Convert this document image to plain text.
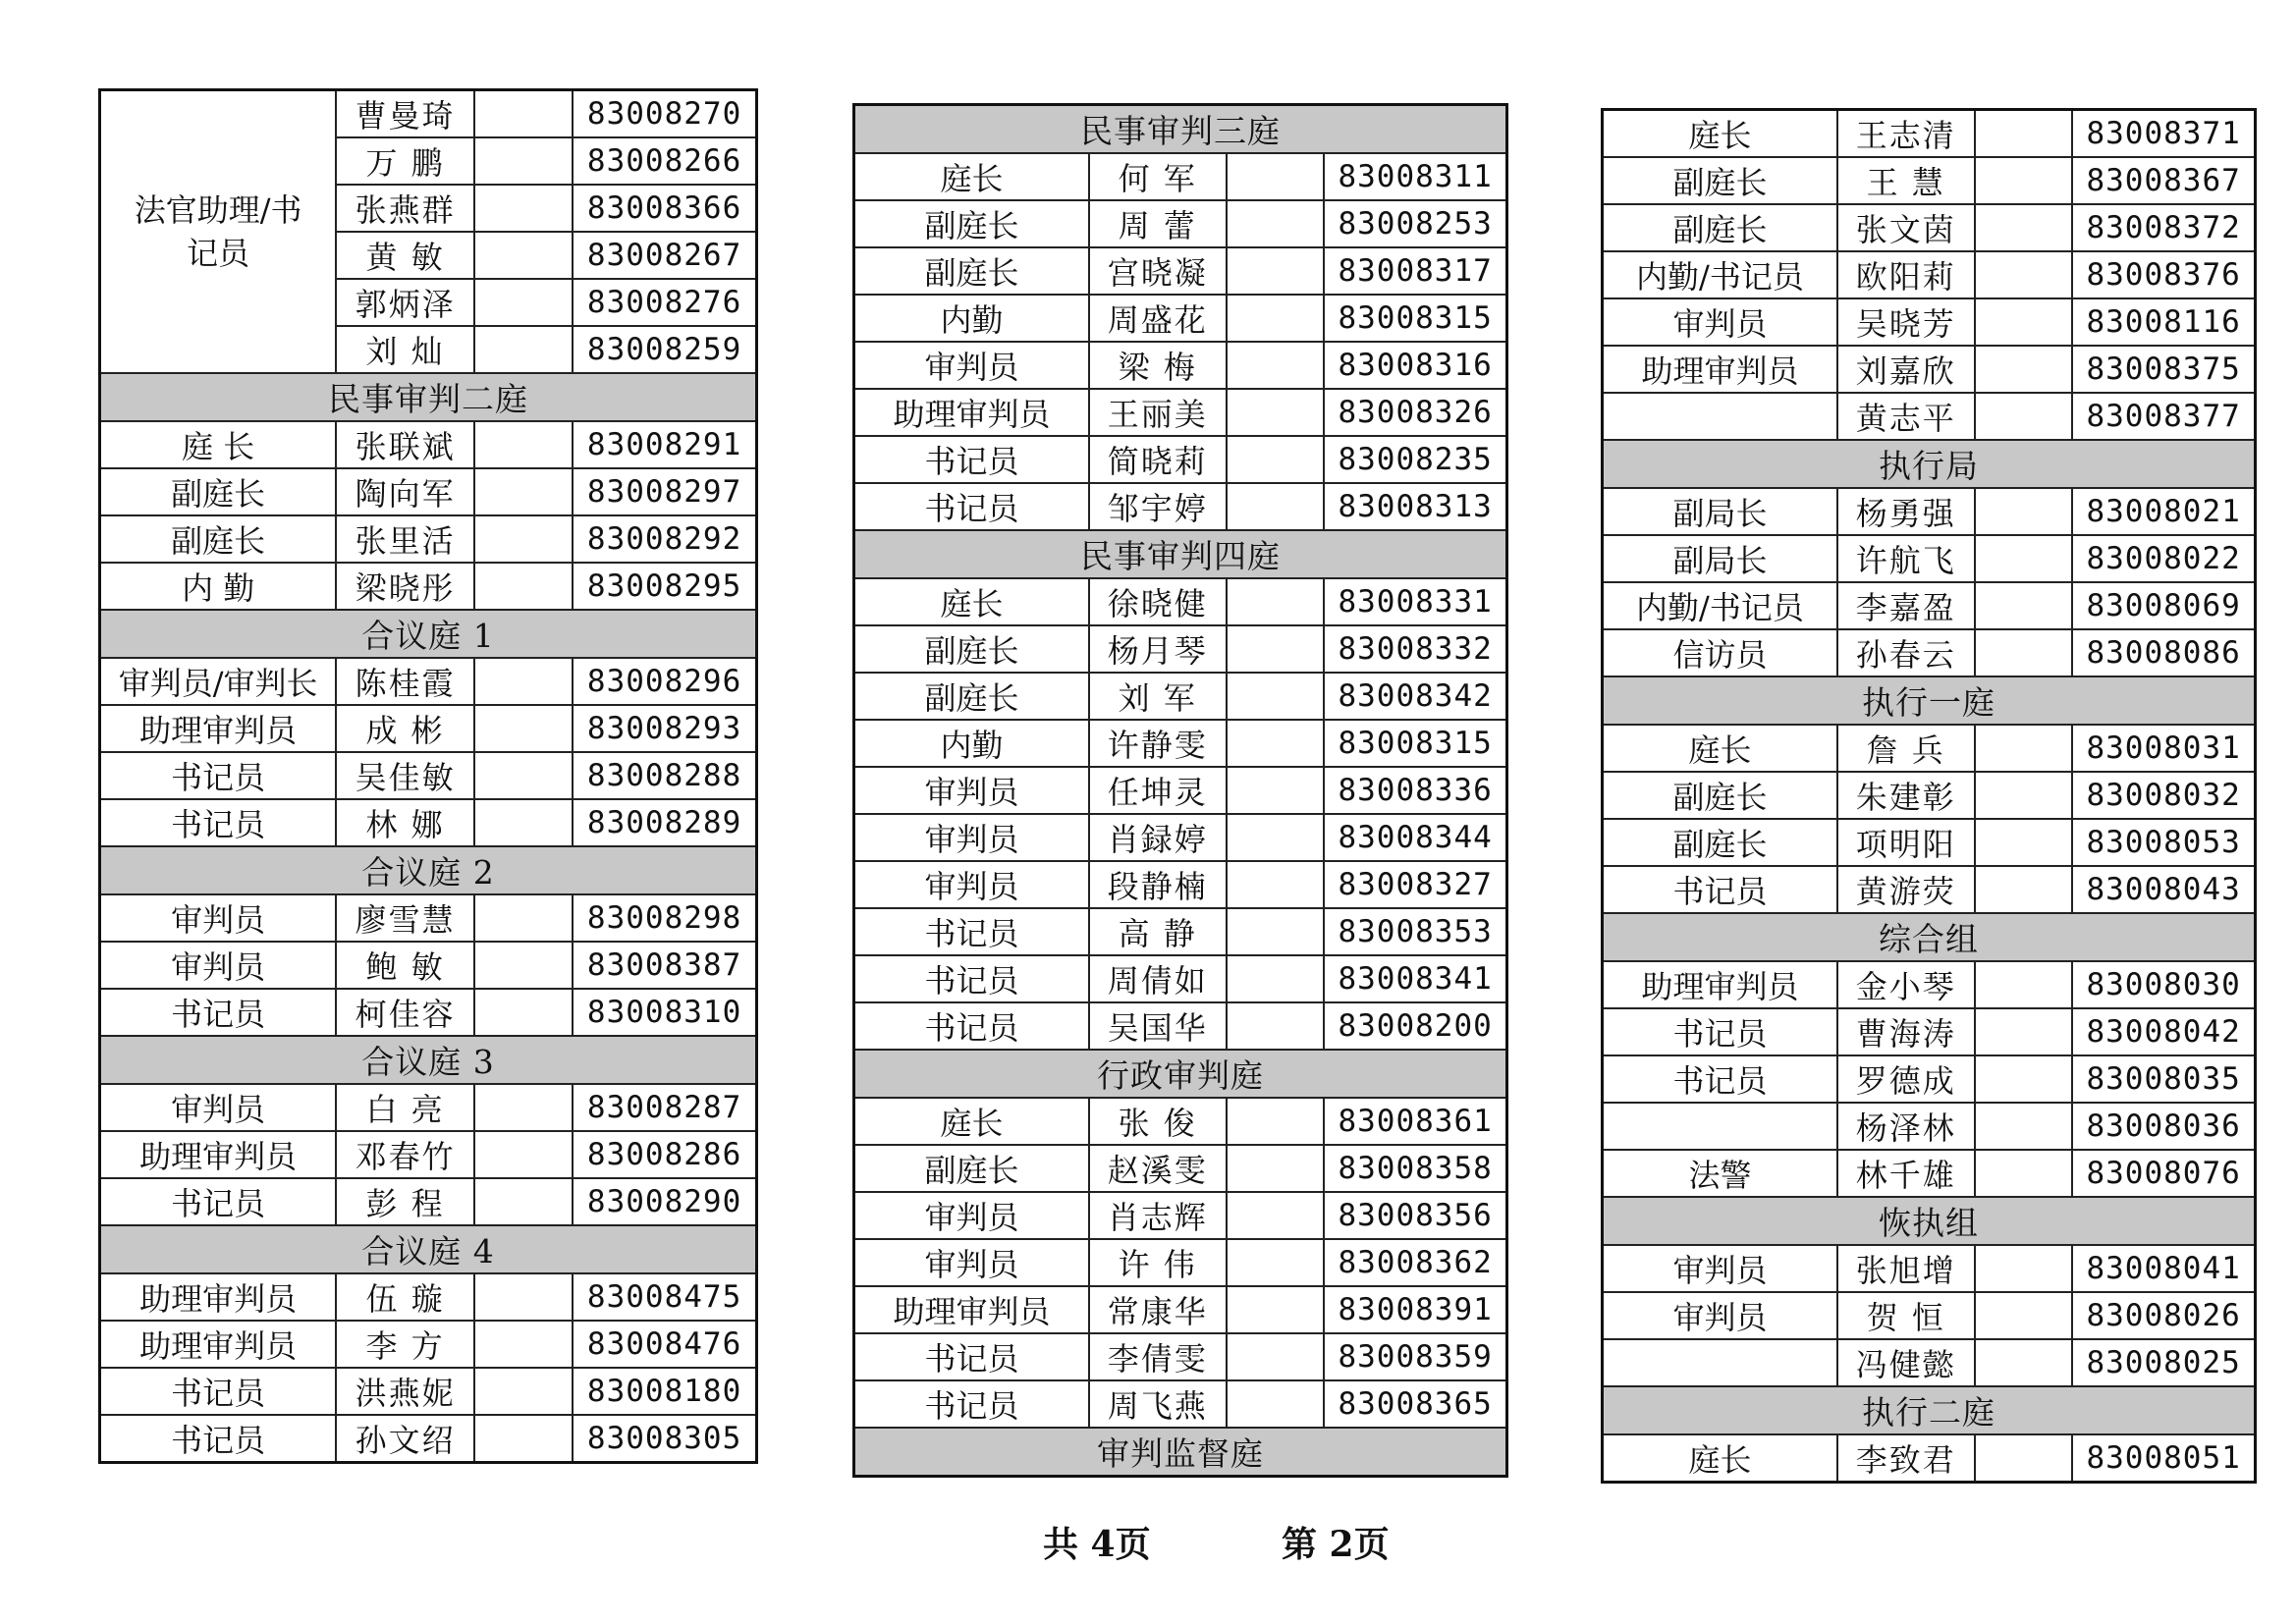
法官助理/书记员	曹曼琦		83008270
	万 鹏		83008266
	张燕群		83008366
	黄 敏		83008267
	郭炳泽		83008276
	刘 灿		83008259
民事审判二庭			
庭 长	张联斌		83008291
副庭长	陶向军		83008297
副庭长	张里活		83008292
内 勤	梁晓彤		83008295
合议庭 1			
审判员/审判长	陈桂霞		83008296
助理审判员	成 彬		83008293
书记员	吴佳敏		83008288
书记员	林 娜		83008289
合议庭 2			
审判员	廖雪慧		83008298
审判员	鲍 敏		83008387
书记员	柯佳容		83008310
合议庭 3			
审判员	白 亮		83008287
助理审判员	邓春竹		83008286
书记员	彭 程		83008290
合议庭 4			
助理审判员	伍 璇		83008475
助理审判员	李 方		83008476
书记员	洪燕妮		83008180
书记员	孙文绍		83008305
民事审判三庭			
庭长	何 军		83008311
副庭长	周 蕾		83008253
副庭长	宫晓凝		83008317
内勤	周盛花		83008315
审判员	梁 梅		83008316
助理审判员	王丽美		83008326
书记员	简晓莉		83008235
书记员	邹宇婷		83008313
民事审判四庭			
庭长	徐晓健		83008331
副庭长	杨月琴		83008332
副庭长	刘 军		83008342
内勤	许静雯		83008315
审判员	任坤灵		83008336
审判员	肖録婷		83008344
审判员	段静楠		83008327
书记员	高 静		83008353
书记员	周倩如		83008341
书记员	吴国华		83008200
行政审判庭			
庭长	张 俊		83008361
副庭长	赵溪雯		83008358
审判员	肖志辉		83008356
审判员	许 伟		83008362
助理审判员	常康华		83008391
书记员	李倩雯		83008359
书记员	周飞燕		83008365
审判监督庭			
庭长	王志清		83008371
副庭长	王 慧		83008367
副庭长	张文茵		83008372
内勤/书记员	欧阳莉		83008376
审判员	吴晓芳		83008116
助理审判员	刘嘉欣		83008375
	黄志平		83008377
执行局			
副局长	杨勇强		83008021
副局长	许航飞		83008022
内勤/书记员	李嘉盈		83008069
信访员	孙春云		83008086
执行一庭			
庭长	詹 兵		83008031
副庭长	朱建彰		83008032
副庭长	项明阳		83008053
书记员	黄游荧		83008043
综合组			
助理审判员	金小琴		83008030
书记员	曹海涛		83008042
书记员	罗德成		83008035
	杨泽林		83008036
法警	林千雄		83008076
恢执组			
审判员	张旭增		83008041
审判员	贺 恒		83008026
	冯健懿		83008025
执行二庭			
庭长	李致君		83008051
共 4页	第 2页
